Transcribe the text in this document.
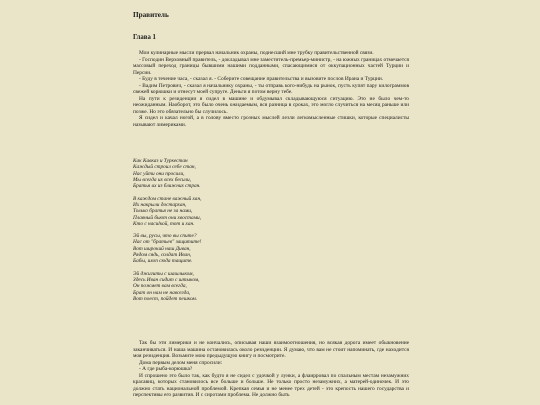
Правитель
Глава 1

Мои кулинарные мысли прервал начальник охраны, поднесший мне трубку правительственной связи.

- Господин Верховный правитель, - докладывал мне заместитель-премьер-министр, - на южных границах отмечается массовый переход границы бывшими нашими подданными, спасающимися от оккупационных частей Турции и Персии.

- Буду в течение часа, - сказал я. - Соберите совещание правительства и вызовите послов Ирана и Турции.

- Вадим Петрович, - сказал я начальнику охраны, - ты отправь кого-нибудь на рынок, пусть купят пару килограммов свежей корюшки и отнесут моей супруге. Деньги я потом верну тебе.

На пути к резиденции я сидел в машине и обдумывал складывающуюся ситуацию. Это не было чем-то неожиданным. Наоборот, это было очень ожидаемым, вся разница в сроках, это могло случиться на месяц раньше или позже. Но это обязательно бы случилось.

Я сидел и качал ногой, а в голову вместо грозных мыслей лезли легкомысленные стишки, которые специалисты называют лимериками.

Как Кавказ и Туркестан
Каждый строил себе стан,
Нас уйти они просили,
Мы всегда их всех бесили,
Братья их из ближних стран.
В каждом стане важный хан,
Их накрыли достархан,
Только братья не за нами,
Плавный бьют они хвостами,
Кто с насиlкой, тот и хан.
Эй вы, русы, что вы спите?
Нас от "братьев" защитите!
Вот широкий наш Диван,
Рядом сядь, солдат Иван,
Бабы, ихоn сюда тащите.
Эй джигиты с шашлыком,
Здесь Иван сидит с штыком,
Он пожмет вам всегда,
Брат он нам не навсегда,
Вот поест, пойдет пешком.

Так бы эти лимерики и не кончались, описывая наши взаимоотношения, но всякая дорога имеет обыкновение заканчиваться. И наша машина остановилась около резиденции. Я думаю, что вам не стоит напоминать, где находится моя резиденция. Возьмите мою предыдущую книгу и посмотрите.

Дома первым делом меня спросили:

- А где рыба-корюшка?

И спрошено это было так, как будто я не сидел с удочкой у лунки, а флаирровал по спальным местам незамужних красавиц, которых становилось все больше и больше. Не только просто незамужних, а матерей-одиночек. И это должно стать национальной проблемой. Крепкая семья и не менее трех детей - это крепость нашего государства и перспективы его развития. И с сиротами проблема. Не должно быть
